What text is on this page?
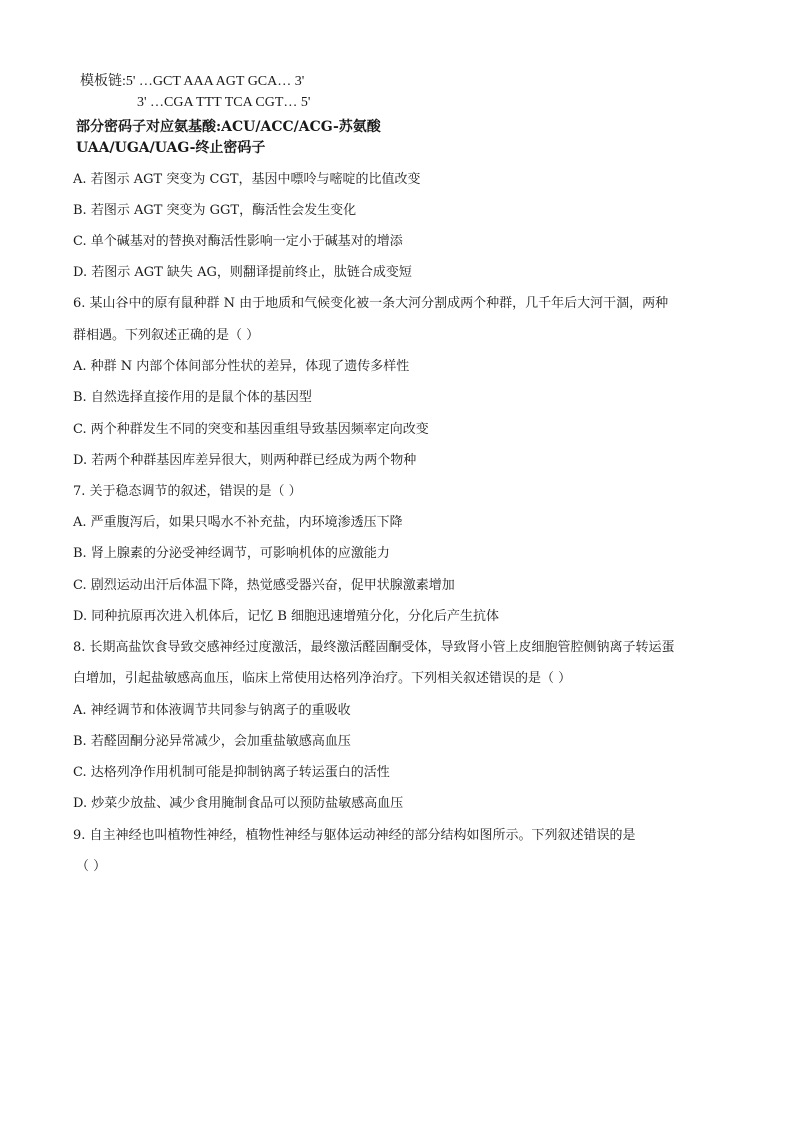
模板链:5' …GCT AAA AGT GCA… 3'
3' …CGA TTT TCA CGT… 5'
部分密码子对应氨基酸:ACU/ACC/ACG-苏氨酸
UAA/UGA/UAG-终止密码子
A. 若图示 AGT 突变为 CGT，基因中嘌呤与嘧啶的比值改变
B. 若图示 AGT 突变为 GGT，酶活性会发生变化
C. 单个碱基对的替换对酶活性影响一定小于碱基对的增添
D. 若图示 AGT 缺失 AG，则翻译提前终止，肽链合成变短
6. 某山谷中的原有鼠种群 N 由于地质和气候变化被一条大河分割成两个种群，几千年后大河干涸，两种
群相遇。下列叙述正确的是（ ）
A. 种群 N 内部个体间部分性状的差异，体现了遗传多样性
B. 自然选择直接作用的是鼠个体的基因型
C. 两个种群发生不同的突变和基因重组导致基因频率定向改变
D. 若两个种群基因库差异很大，则两种群已经成为两个物种
7. 关于稳态调节的叙述，错误的是（ ）
A. 严重腹泻后，如果只喝水不补充盐，内环境渗透压下降
B. 肾上腺素的分泌受神经调节，可影响机体的应激能力
C. 剧烈运动出汗后体温下降，热觉感受器兴奋，促甲状腺激素增加
D. 同种抗原再次进入机体后，记忆 B 细胞迅速增殖分化，分化后产生抗体
8. 长期高盐饮食导致交感神经过度激活，最终激活醛固酮受体，导致肾小管上皮细胞管腔侧钠离子转运蛋
白增加，引起盐敏感高血压，临床上常使用达格列净治疗。下列相关叙述错误的是（ ）
A. 神经调节和体液调节共同参与钠离子的重吸收
B. 若醛固酮分泌异常减少，会加重盐敏感高血压
C. 达格列净作用机制可能是抑制钠离子转运蛋白的活性
D. 炒菜少放盐、减少食用腌制食品可以预防盐敏感高血压
9. 自主神经也叫植物性神经，植物性神经与躯体运动神经的部分结构如图所示。下列叙述错误的是
（ ）
